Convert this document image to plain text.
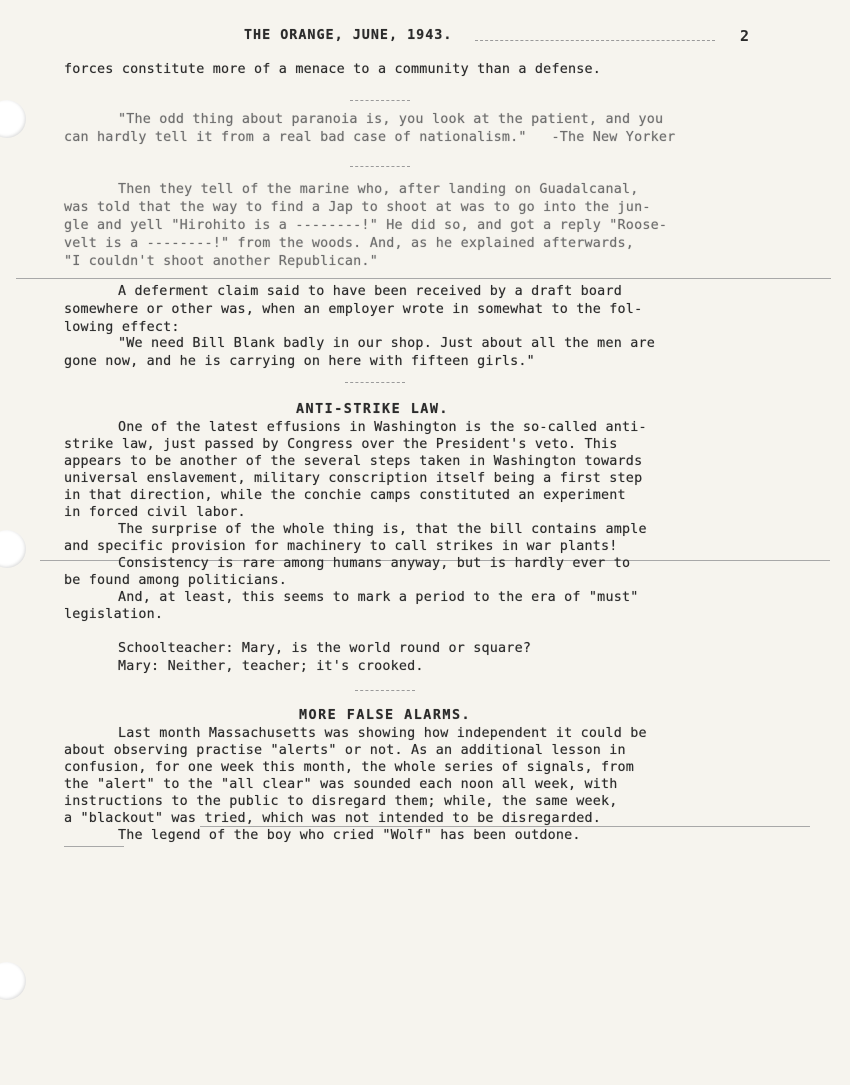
THE ORANGE, JUNE, 1943.	2
forces constitute more of a menace to a community than a defense.
"The odd thing about paranoia is, you look at the patient, and you
can hardly tell it from a real bad case of nationalism."   -The New Yorker
Then they tell of the marine who, after landing on Guadalcanal,
was told that the way to find a Jap to shoot at was to go into the jun-
gle and yell "Hirohito is a --------!" He did so, and got a reply "Roose-
velt is a --------!" from the woods. And, as he explained afterwards,
"I couldn't shoot another Republican."
A deferment claim said to have been received by a draft board
somewhere or other was, when an employer wrote in somewhat to the fol-
lowing effect:
"We need Bill Blank badly in our shop. Just about all the men are
gone now, and he is carrying on here with fifteen girls."
ANTI-STRIKE LAW.
One of the latest effusions in Washington is the so-called anti-
strike law, just passed by Congress over the President's veto. This
appears to be another of the several steps taken in Washington towards
universal enslavement, military conscription itself being a first step
in that direction, while the conchie camps constituted an experiment
in forced civil labor.
The surprise of the whole thing is, that the bill contains ample
and specific provision for machinery to call strikes in war plants!
Consistency is rare among humans anyway, but is hardly ever to
be found among politicians.
And, at least, this seems to mark a period to the era of "must"
legislation.
Schoolteacher: Mary, is the world round or square?
Mary: Neither, teacher; it's crooked.
MORE FALSE ALARMS.
Last month Massachusetts was showing how independent it could be
about observing practise "alerts" or not. As an additional lesson in
confusion, for one week this month, the whole series of signals, from
the "alert" to the "all clear" was sounded each noon all week, with
instructions to the public to disregard them; while, the same week,
a "blackout" was tried, which was not intended to be disregarded.
The legend of the boy who cried "Wolf" has been outdone.
